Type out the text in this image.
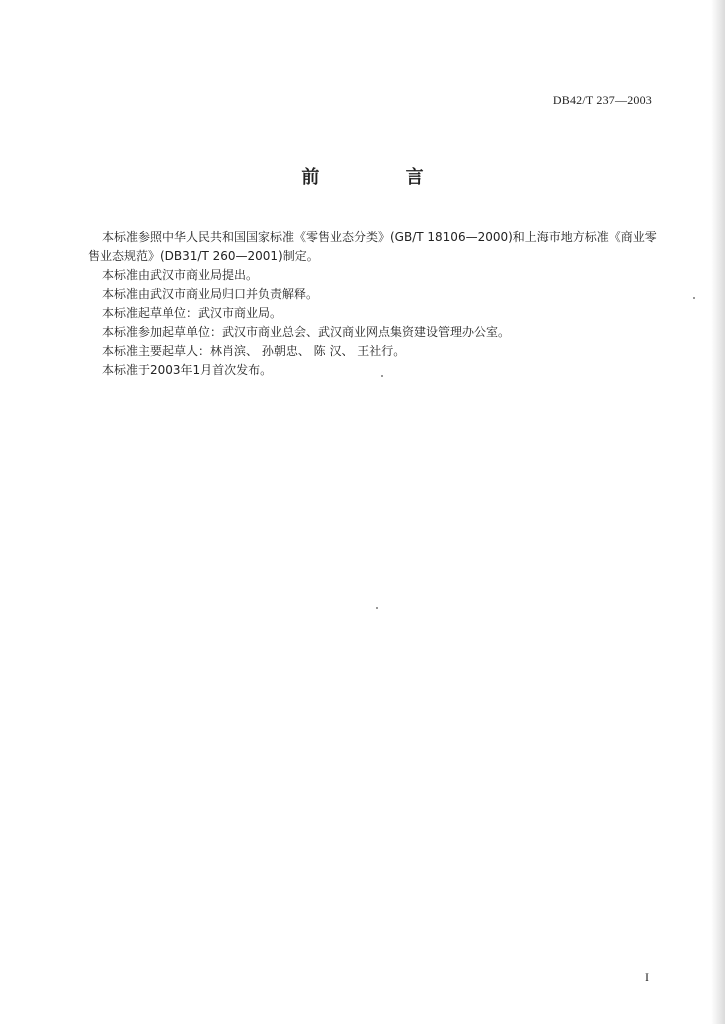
DB42/T 237—2003
前 言

本标准参照中华人民共和国国家标准《零售业态分类》(GB/T 18106—2000)和上海市地方标准《商业零售业态规范》(DB31/T 260—2001)制定。

本标准由武汉市商业局提出。

本标准由武汉市商业局归口并负责解释。

本标准起草单位：武汉市商业局。

本标准参加起草单位：武汉市商业总会、武汉商业网点集资建设管理办公室。

本标准主要起草人：林肖滨、 孙朝忠、 陈 汉、 王社行。

本标准于2003年1月首次发布。

I
